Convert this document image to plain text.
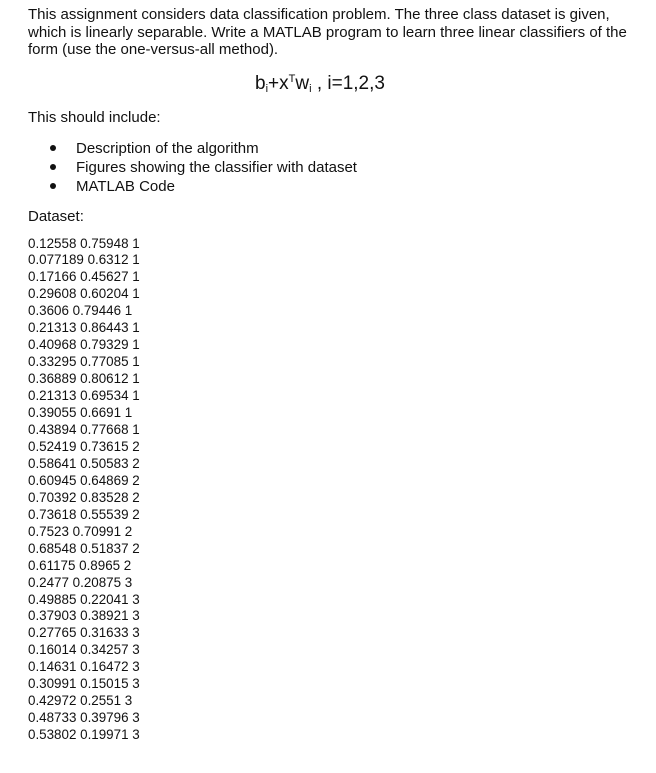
This assignment considers data classification problem. The three class dataset is given, which is linearly separable. Write a MATLAB program to learn three linear classifiers of the form (use the one-versus-all method).

$b_i+x^Tw_i$ , i=1,2,3

This should include:

Description of the algorithm
Figures showing the classifier with dataset
MATLAB Code

Dataset:

0.12558 0.75948 1
0.077189 0.6312 1
0.17166 0.45627 1
0.29608 0.60204 1
0.3606 0.79446 1
0.21313 0.86443 1
0.40968 0.79329 1
0.33295 0.77085 1
0.36889 0.80612 1
0.21313 0.69534 1
0.39055 0.6691 1
0.43894 0.77668 1
0.52419 0.73615 2
0.58641 0.50583 2
0.60945 0.64869 2
0.70392 0.83528 2
0.73618 0.55539 2
0.7523 0.70991 2
0.68548 0.51837 2
0.61175 0.8965 2
0.2477 0.20875 3
0.49885 0.22041 3
0.37903 0.38921 3
0.27765 0.31633 3
0.16014 0.34257 3
0.14631 0.16472 3
0.30991 0.15015 3
0.42972 0.2551 3
0.48733 0.39796 3
0.53802 0.19971 3
